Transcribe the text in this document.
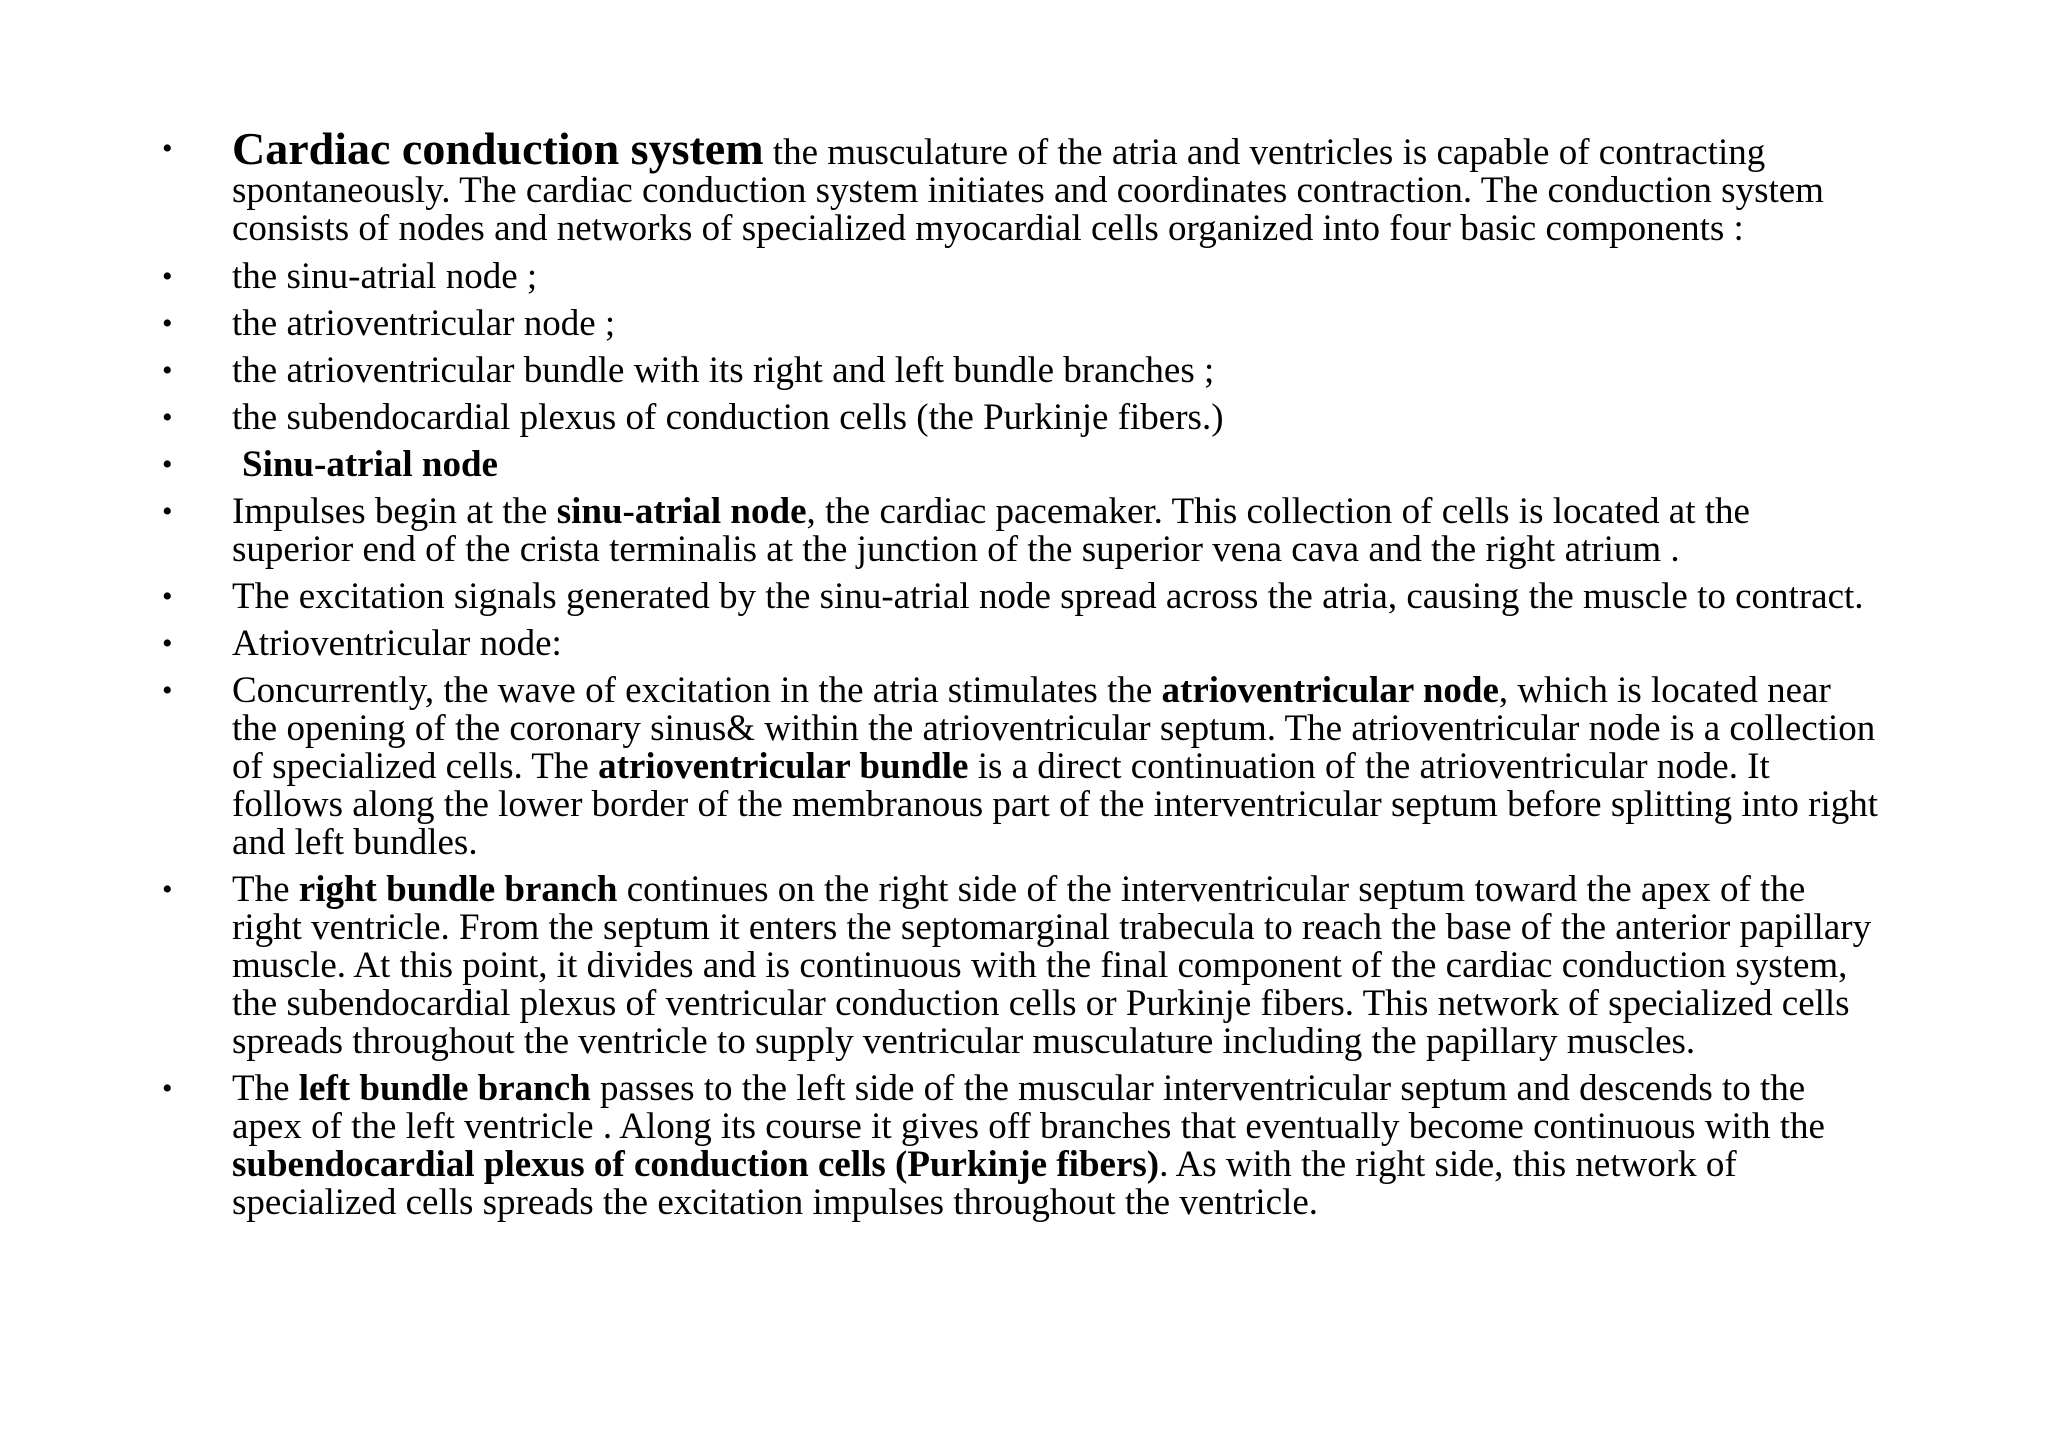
• Cardiac conduction system the musculature of the atria and ventricles is capable of contracting spontaneously. The cardiac conduction system initiates and coordinates contraction. The conduction system consists of nodes and networks of specialized myocardial cells organized into four basic components :
• the sinu-atrial node ;
• the atrioventricular node ;
• the atrioventricular bundle with its right and left bundle branches ;
• the subendocardial plexus of conduction cells (the Purkinje fibers.)
• Sinu-atrial node
• Impulses begin at the sinu-atrial node, the cardiac pacemaker. This collection of cells is located at the superior end of the crista terminalis at the junction of the superior vena cava and the right atrium .
• The excitation signals generated by the sinu-atrial node spread across the atria, causing the muscle to contract.
• Atrioventricular node:
• Concurrently, the wave of excitation in the atria stimulates the atrioventricular node, which is located near the opening of the coronary sinus& within the atrioventricular septum. The atrioventricular node is a collection of specialized cells. The atrioventricular bundle is a direct continuation of the atrioventricular node. It follows along the lower border of the membranous part of the interventricular septum before splitting into right and left bundles.
• The right bundle branch continues on the right side of the interventricular septum toward the apex of the right ventricle. From the septum it enters the septomarginal trabecula to reach the base of the anterior papillary muscle. At this point, it divides and is continuous with the final component of the cardiac conduction system, the subendocardial plexus of ventricular conduction cells or Purkinje fibers. This network of specialized cells spreads throughout the ventricle to supply ventricular musculature including the papillary muscles.
• The left bundle branch passes to the left side of the muscular interventricular septum and descends to the apex of the left ventricle . Along its course it gives off branches that eventually become continuous with the subendocardial plexus of conduction cells (Purkinje fibers). As with the right side, this network of specialized cells spreads the excitation impulses throughout the ventricle.
